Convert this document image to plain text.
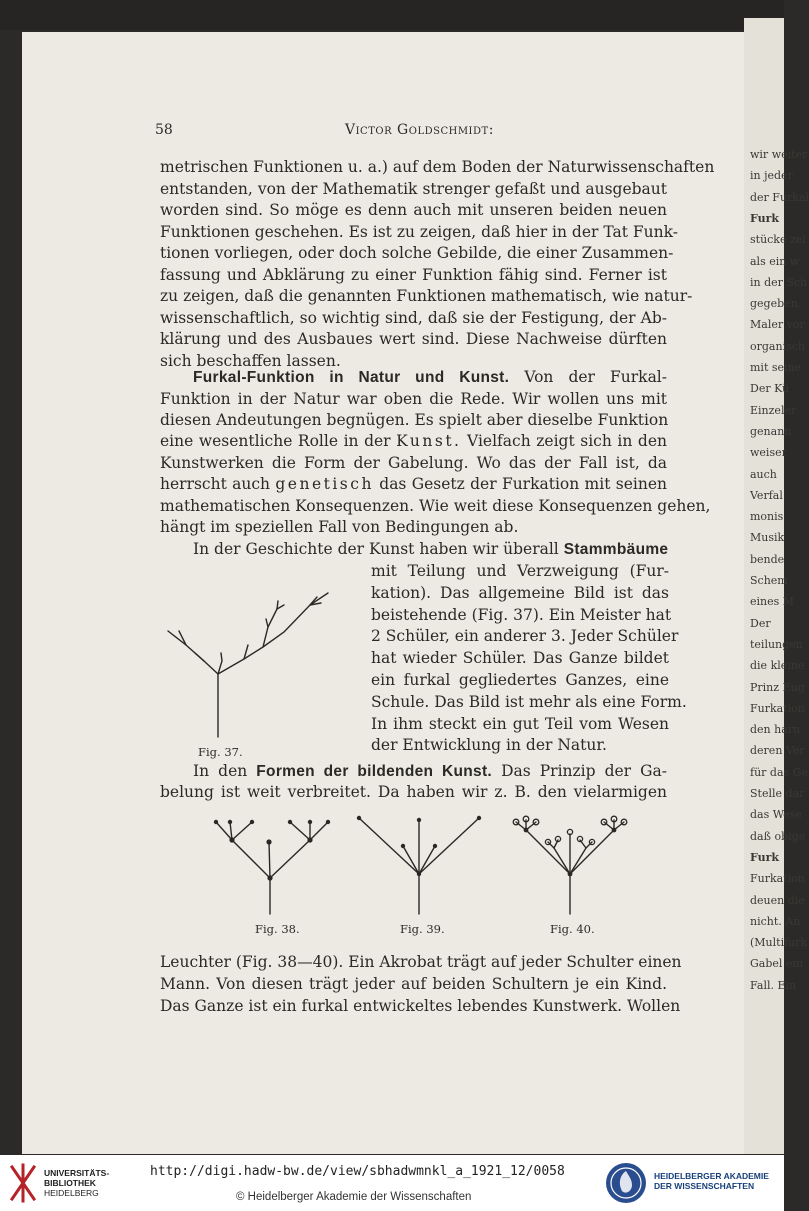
wir weiter
in jeder
der Furkal
Furk
stücke zei
als ein w
in der Sch
gegeben.
Maler vor
organisch
mit seine
Der Kü
Einzeler
genann
weiser
auch
Verfal
monis
Musik
bende
Schem
eines M
Der
teilungen
die kleine
Prinz Eug
Furkation
den harn
deren Ver
für das Ge
Stelle dar
das Wese
daß obige
Furk
Furkation
deuen die
nicht. An
(Multifurk
Gabel ein
Fall. Ein
58	Victor Goldschmidt:
metrischen Funktionen u. a.) auf dem Boden der Naturwissenschaften
entstanden, von der Mathematik strenger gefaßt und ausgebaut
worden sind. So möge es denn auch mit unseren beiden neuen
Funktionen geschehen. Es ist zu zeigen, daß hier in der Tat Funk-
tionen vorliegen, oder doch solche Gebilde, die einer Zusammen-
fassung und Abklärung zu einer Funktion fähig sind. Ferner ist
zu zeigen, daß die genannten Funktionen mathematisch, wie natur-
wissenschaftlich, so wichtig sind, daß sie der Festigung, der Ab-
klärung und des Ausbaues wert sind. Diese Nachweise dürften
sich beschaffen lassen.
Furkal-Funktion in Natur und Kunst. Von der Furkal-
Funktion in der Natur war oben die Rede. Wir wollen uns mit
diesen Andeutungen begnügen. Es spielt aber dieselbe Funktion
eine wesentliche Rolle in der Kunst. Vielfach zeigt sich in den
Kunstwerken die Form der Gabelung. Wo das der Fall ist, da
herrscht auch genetisch das Gesetz der Furkation mit seinen
mathematischen Konsequenzen. Wie weit diese Konsequenzen gehen,
hängt im speziellen Fall von Bedingungen ab.
In der Geschichte der Kunst haben wir überall Stammbäume
mit Teilung und Verzweigung (Fur-
kation). Das allgemeine Bild ist das
beistehende (Fig. 37). Ein Meister hat
2 Schüler, ein anderer 3. Jeder Schüler
hat wieder Schüler. Das Ganze bildet
ein furkal gegliedertes Ganzes, eine
Schule. Das Bild ist mehr als eine Form.
In ihm steckt ein gut Teil vom Wesen
der Entwicklung in der Natur.
Fig. 37.
In den Formen der bildenden Kunst. Das Prinzip der Ga-
belung ist weit verbreitet. Da haben wir z. B. den vielarmigen
Fig. 38.	Fig. 39.	Fig. 40.
Leuchter (Fig. 38—40). Ein Akrobat trägt auf jeder Schulter einen
Mann. Von diesen trägt jeder auf beiden Schultern je ein Kind.
Das Ganze ist ein furkal entwickeltes lebendes Kunstwerk. Wollen
UNIVERSITÄTS-
BIBLIOTHEK
HEIDELBERG
http://digi.hadw-bw.de/view/sbhadwmnkl_a_1921_12/0058
© Heidelberger Akademie der Wissenschaften
HEIDELBERGER AKADEMIE
DER WISSENSCHAFTEN
